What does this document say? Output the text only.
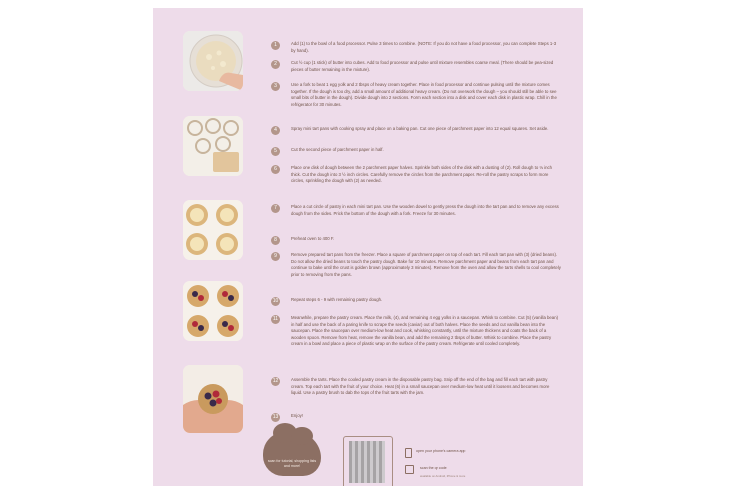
1	Add (1) to the bowl of a food processor. Pulse 3 times to combine. (NOTE: If you do not have a food processor, you can complete Steps 1-3 by hand).
2	Cut ½ cup (1 stick) of butter into cubes. Add to food processor and pulse until mixture resembles coarse meal. (There should be pea-sized pieces of butter remaining in the mixture).
3	Use a fork to beat 1 egg yolk and 2 tbsps of heavy cream together. Place in food processor and continue pulsing until the mixture comes together. If the dough is too dry, add a small amount of additional heavy cream. (Do not overwork the dough – you should still be able to see small bits of butter in the dough). Divide dough into 2 sections. Form each section into a disk and cover each disk in plastic wrap. Chill in the refrigerator for 30 minutes.
4	Spray mini tart pans with cooking spray and place on a baking pan. Cut one piece of parchment paper into 12 equal squares. Set aside.
5	Cut the second piece of parchment paper in half.
6	Place one disk of dough between the 2 parchment paper halves. Sprinkle both sides of the disk with a dusting of (2). Roll dough to ⅛ inch thick. Cut the dough into 3 ½ inch circles. Carefully remove the circles from the parchment paper. Re-roll the pastry scraps to form more circles, sprinkling the dough with (2) as needed.
7	Place a cut circle of pastry in each mini tart pan. Use the wooden dowel to gently press the dough into the tart pan and to remove any excess dough from the sides. Prick the bottom of the dough with a fork. Freeze for 30 minutes.
8	Preheat oven to 400 F.
9	Remove prepared tart pans from the freezer. Place a square of parchment paper on top of each tart. Fill each tart pan with (3) (dried beans). Do not allow the dried beans to touch the pastry dough. Bake for 10 minutes. Remove parchment paper and beans from each tart pan and continue to bake until the crust is golden brown (approximately 3 minutes). Remove from the oven and allow the tarts shells to cool completely prior to removing from the pans.
10	Repeat steps 6 - 9 with remaining pastry dough.
11	Meanwhile, prepare the pastry cream. Place the milk, (4), and remaining 4 egg yolks in a saucepan. Whisk to combine. Cut (5) (vanilla bean) in half and use the back of a paring knife to scrape the seeds (caviar) out of both halves. Place the seeds and cut vanilla bean into the saucepan. Place the saucepan over medium-low heat and cook, whisking constantly, until the mixture thickens and coats the back of a wooden spoon. Remove from heat, remove the vanilla bean, and add the remaining 2 tbsps of butter. Whisk to combine. Place the pastry cream in a bowl and place a piece of plastic wrap on the surface of the pastry cream. Refrigerate until cooled completely.
12	Assemble the tarts. Place the cooled pastry cream in the disposable pastry bag. Snip off the end of the bag and fill each tart with pastry cream. Top each tart with the fruit of your choice. Heat (6) in a small saucepan over medium-low heat until it loosens and becomes more liquid. Use a pastry brush to dab the tops of the fruit tarts with the jam.
13	Enjoy!
scan for tutorial, shopping lists and more!
open your phone's camera app
scan the qr code
available on Android, iPhone & more
